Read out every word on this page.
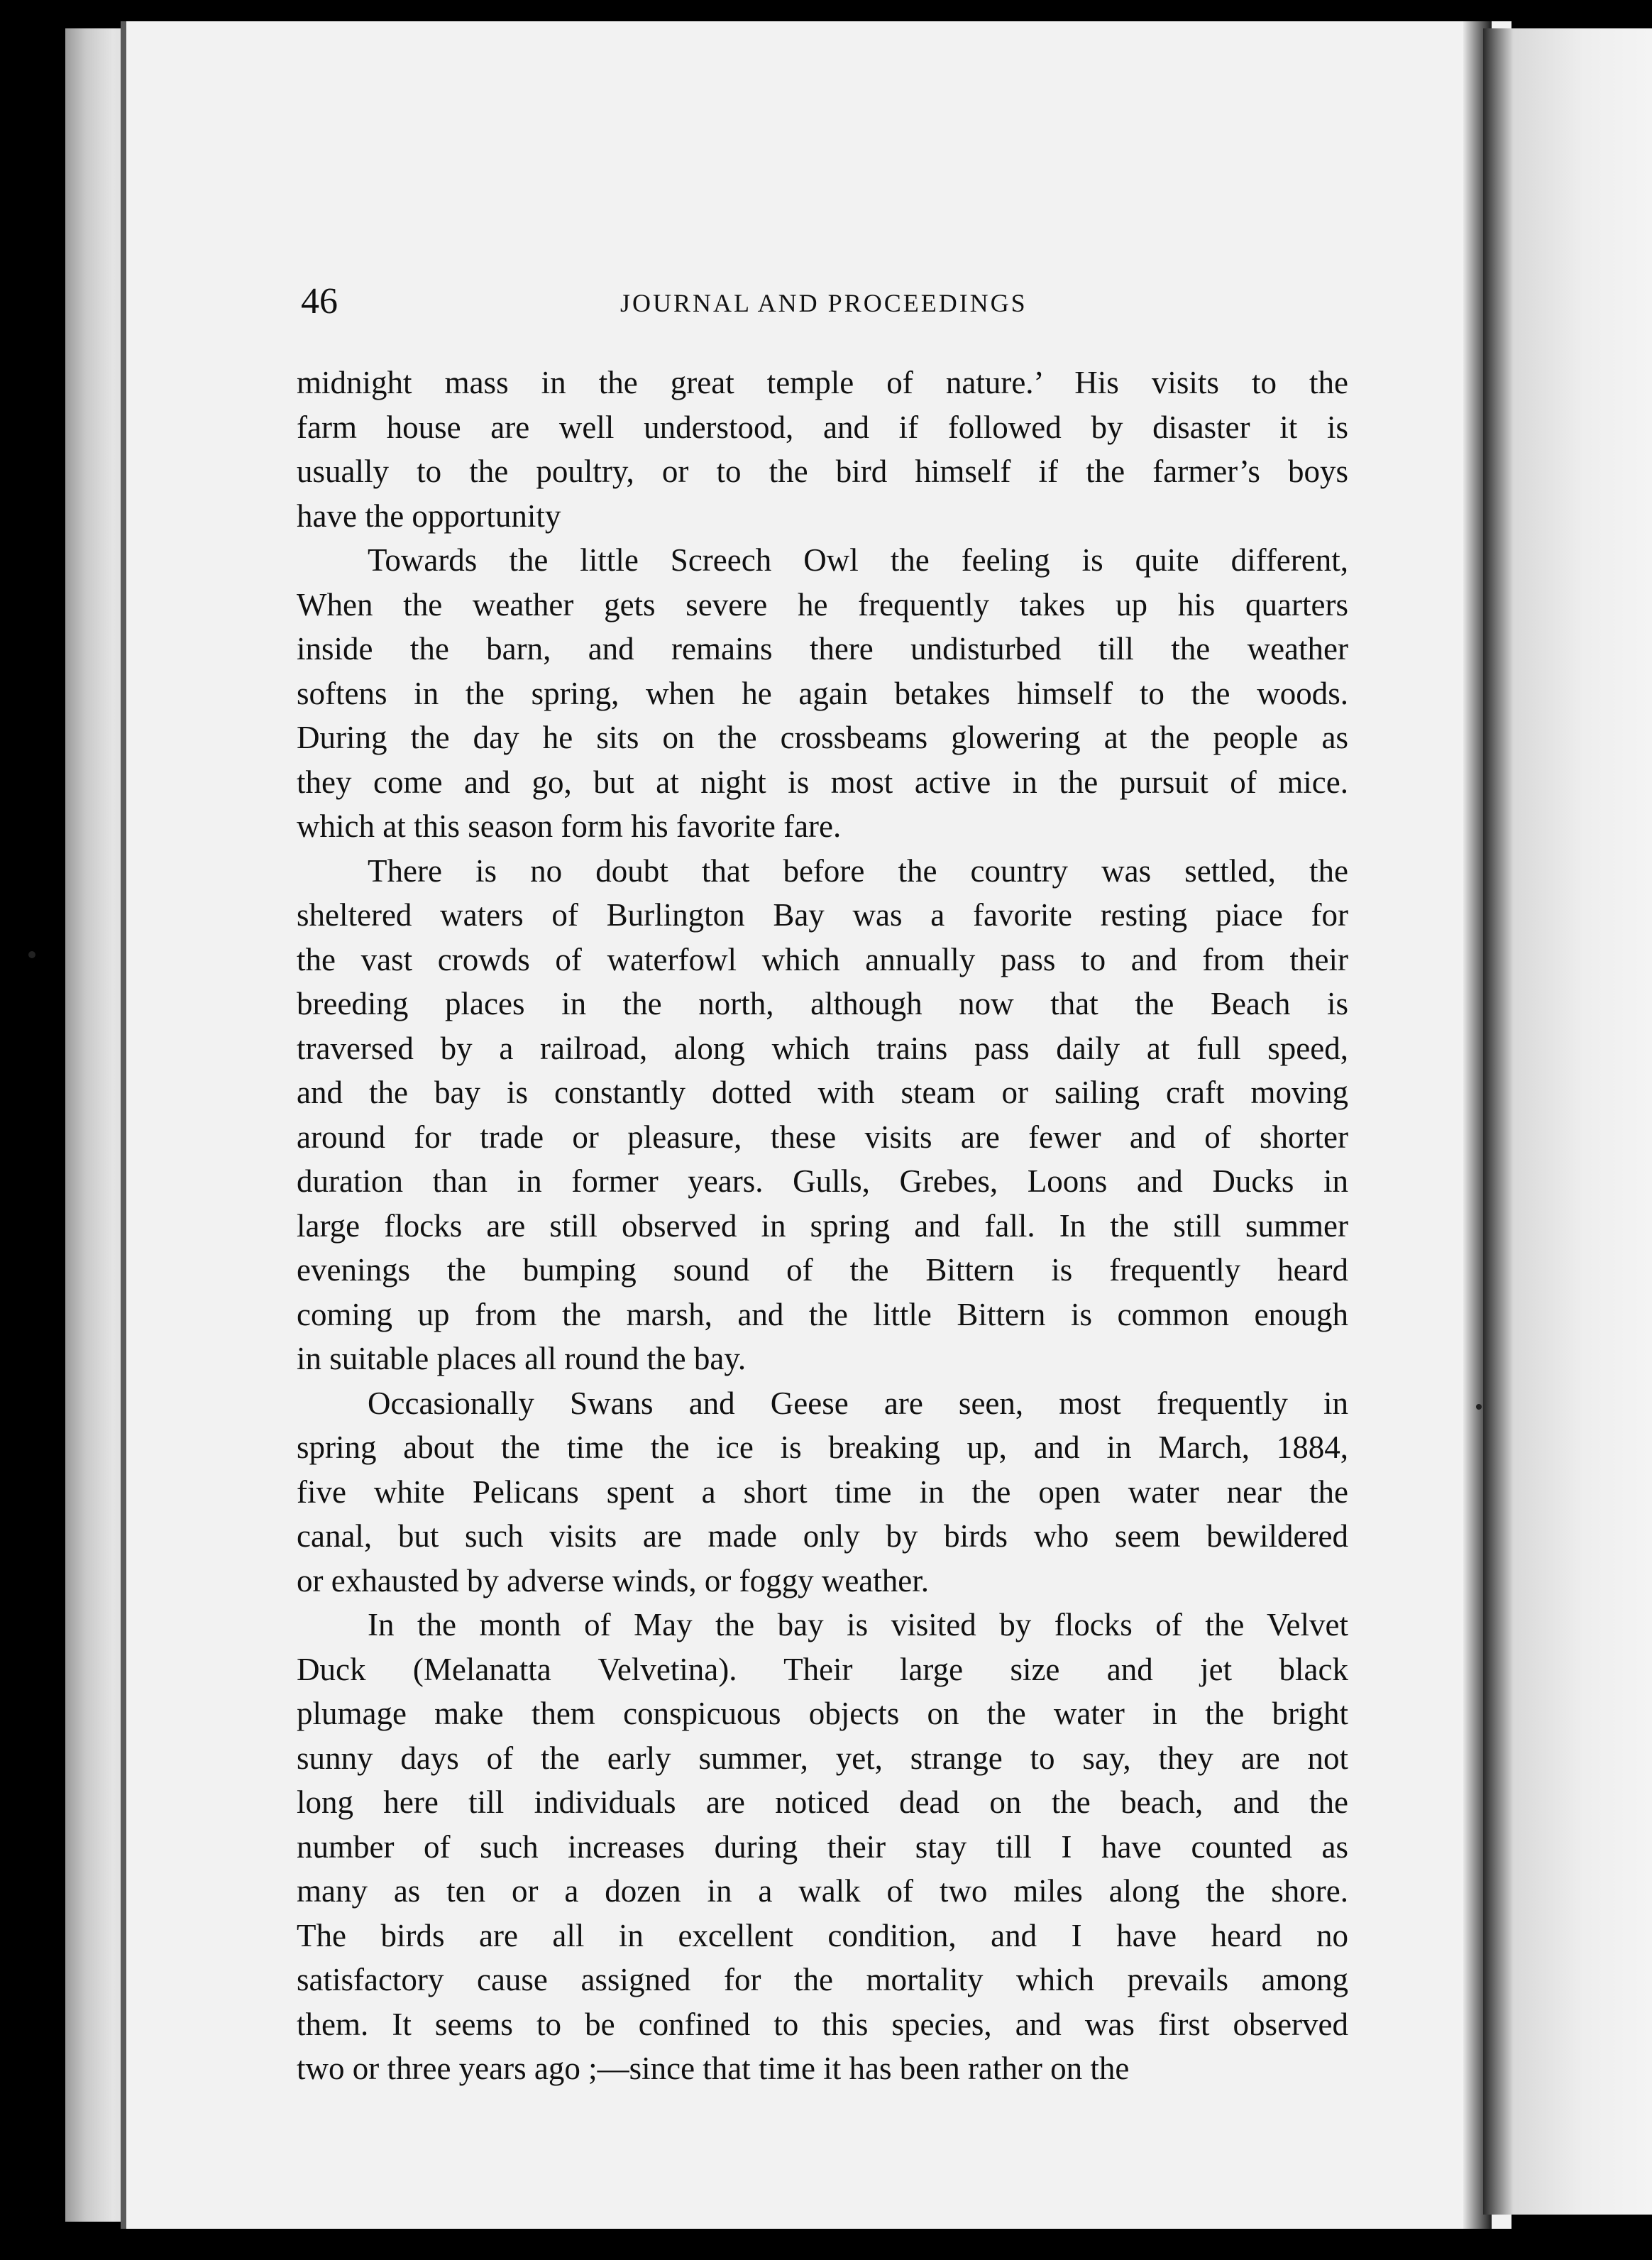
46	JOURNAL AND PROCEEDINGS
midnight mass in the great temple of nature.’ His visits to the
farm house are well understood, and if followed by disaster it is
usually to the poultry, or to the bird himself if the farmer’s boys
have the opportunity
Towards the little Screech Owl the feeling is quite different,
When the weather gets severe he frequently takes up his quarters
inside the barn, and remains there undisturbed till the weather
softens in the spring, when he again betakes himself to the woods.
During the day he sits on the crossbeams glowering at the people as
they come and go, but at night is most active in the pursuit of mice.
which at this season form his favorite fare.
There is no doubt that before the country was settled, the
sheltered waters of Burlington Bay was a favorite resting piace for
the vast crowds of waterfowl which annually pass to and from their
breeding places in the north, although now that the Beach is
traversed by a railroad, along which trains pass daily at full speed,
and the bay is constantly dotted with steam or sailing craft moving
around for trade or pleasure, these visits are fewer and of shorter
duration than in former years. Gulls, Grebes, Loons and Ducks in
large flocks are still observed in spring and fall. In the still summer
evenings the bumping sound of the Bittern is frequently heard
coming up from the marsh, and the little Bittern is common enough
in suitable places all round the bay.
Occasionally Swans and Geese are seen, most frequently in
spring about the time the ice is breaking up, and in March, 1884,
five white Pelicans spent a short time in the open water near the
canal, but such visits are made only by birds who seem bewildered
or exhausted by adverse winds, or foggy weather.
In the month of May the bay is visited by flocks of the Velvet
Duck (Melanatta Velvetina). Their large size and jet black
plumage make them conspicuous objects on the water in the bright
sunny days of the early summer, yet, strange to say, they are not
long here till individuals are noticed dead on the beach, and the
number of such increases during their stay till I have counted as
many as ten or a dozen in a walk of two miles along the shore.
The birds are all in excellent condition, and I have heard no
satisfactory cause assigned for the mortality which prevails among
them. It seems to be confined to this species, and was first observed
two or three years ago ;—since that time it has been rather on the
